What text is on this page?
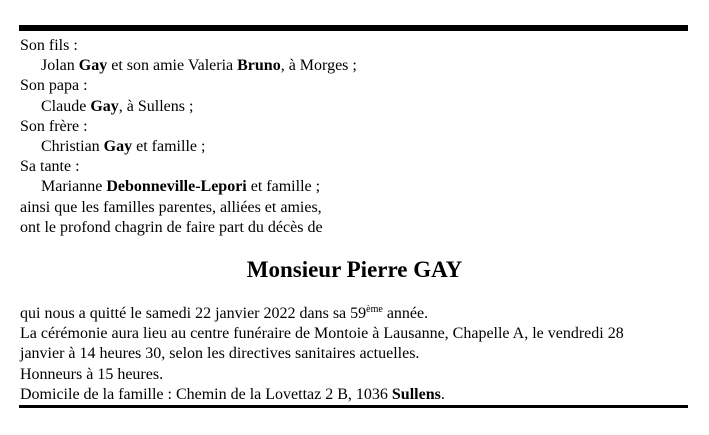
Son fils :
Jolan Gay et son amie Valeria Bruno, à Morges ;
Son papa :
Claude Gay, à Sullens ;
Son frère :
Christian Gay et famille ;
Sa tante :
Marianne Debonneville-Lepori et famille ;
ainsi que les familles parentes, alliées et amies,
ont le profond chagrin de faire part du décès de
Monsieur Pierre GAY
qui nous a quitté le samedi 22 janvier 2022 dans sa 59ème année.
La cérémonie aura lieu au centre funéraire de Montoie à Lausanne, Chapelle A, le vendredi 28
janvier à 14 heures 30, selon les directives sanitaires actuelles.
Honneurs à 15 heures.
Domicile de la famille : Chemin de la Lovettaz 2 B, 1036 Sullens.
